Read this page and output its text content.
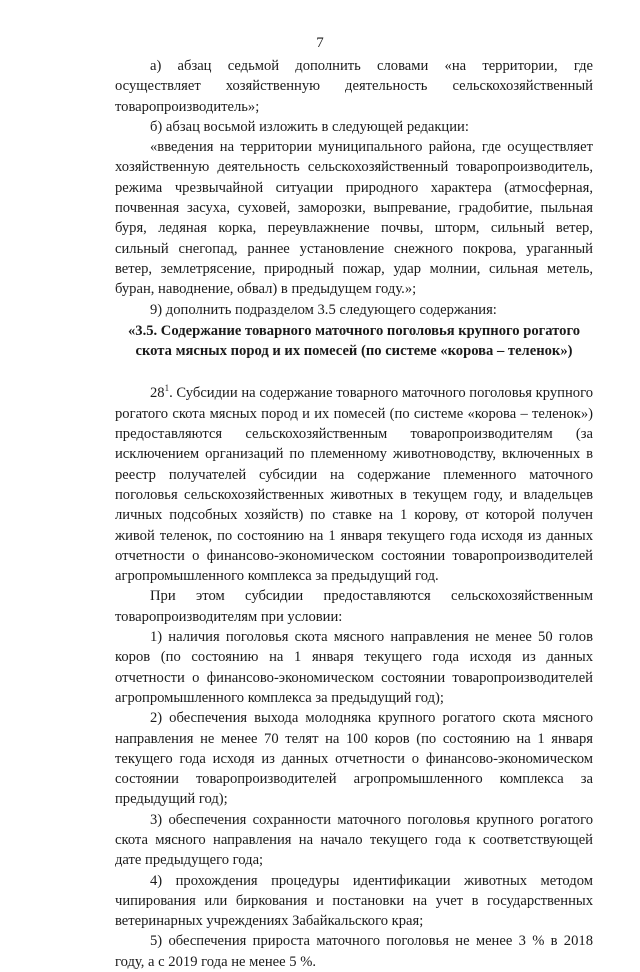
7

а) абзац седьмой дополнить словами «на территории, где осуществляет хозяйственную деятельность сельскохозяйственный товаропроизводитель»;

б) абзац восьмой изложить в следующей редакции:

«введения на территории муниципального района, где осуществляет хозяйственную деятельность сельскохозяйственный товаропроизводитель, режима чрезвычайной ситуации природного характера (атмосферная, почвенная засуха, суховей, заморозки, выпревание, градобитие, пыльная буря, ледяная корка, переувлажнение почвы, шторм, сильный ветер, сильный снегопад, раннее установление снежного покрова, ураганный ветер, землетрясение, природный пожар, удар молнии, сильная метель, буран, наводнение, обвал) в предыдущем году.»;

9) дополнить подразделом 3.5 следующего содержания:

«3.5. Содержание товарного маточного поголовья крупного рогатого
скота мясных пород и их помесей (по системе «корова – теленок»)

$28^1$. Субсидии на содержание товарного маточного поголовья крупного рогатого скота мясных пород и их помесей (по системе «корова – теленок») предоставляются сельскохозяйственным товаропроизводителям (за исключением организаций по племенному животноводству, включенных в реестр получателей субсидии на содержание племенного маточного поголовья сельскохозяйственных животных в текущем году, и владельцев личных подсобных хозяйств) по ставке на 1 корову, от которой получен живой теленок, по состоянию на 1 января текущего года исходя из данных отчетности о финансово-экономическом состоянии товаропроизводителей агропромышленного комплекса за предыдущий год.

При этом субсидии предоставляются сельскохозяйственным товаропроизводителям при условии:

1) наличия поголовья скота мясного направления не менее 50 голов коров (по состоянию на 1 января текущего года исходя из данных отчетности о финансово-экономическом состоянии товаропроизводителей агропромышленного комплекса за предыдущий год);

2) обеспечения выхода молодняка крупного рогатого скота мясного направления не менее 70 телят на 100 коров (по состоянию на 1 января текущего года исходя из данных отчетности о финансово-экономическом состоянии товаропроизводителей агропромышленного комплекса за предыдущий год);

3) обеспечения сохранности маточного поголовья крупного рогатого скота мясного направления на начало текущего года к соответствующей дате предыдущего года;

4) прохождения процедуры идентификации животных методом чипирования или биркования и постановки на учет в государственных ветеринарных учреждениях Забайкальского края;

5) обеспечения прироста маточного поголовья не менее 3 % в 2018 году, а с 2019 года не менее 5 %.
